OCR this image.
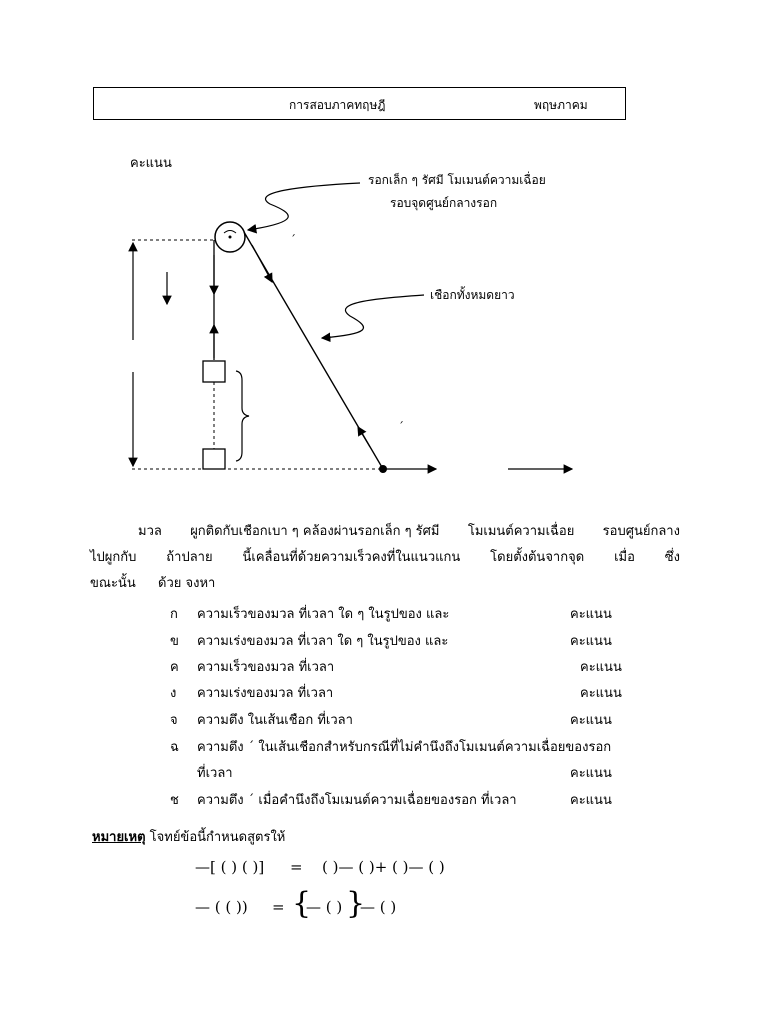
การสอบภาคทฤษฎี	พฤษภาคม
คะแนน
รอกเล็ก ๆ รัศมี โมเมนต์ความเฉื่อย
รอบจุดศูนย์กลางรอก
´
´
เชือกทั้งหมดยาว
มวล ผูกติดกับเชือกเบา ๆ คล้องผ่านรอกเล็ก ๆ รัศมี โมเมนต์ความเฉื่อย รอบศูนย์กลาง
ไปผูกกับ ถ้าปลาย นี้เคลื่อนที่ด้วยความเร็วคงที่ในแนวแกน โดยตั้งต้นจากจุด เมื่อ ซึ่ง
ขณะนั้น ด้วย จงหา
ก ความเร็วของมวล ที่เวลา ใด ๆ ในรูปของ และ	คะแนน
ข ความเร่งของมวล ที่เวลา ใด ๆ ในรูปของ และ	คะแนน
ค ความเร็วของมวล ที่เวลา	คะแนน
ง ความเร่งของมวล ที่เวลา	คะแนน
จ ความตึง ในเส้นเชือก ที่เวลา	คะแนน
ฉ ความตึง ´ ในเส้นเชือกสำหรับกรณีที่ไม่คำนึงถึงโมเมนต์ความเฉื่อยของรอก
ที่เวลา	คะแนน
ช ความตึง ´ เมื่อคำนึงถึงโมเมนต์ความเฉื่อยของรอก ที่เวลา	คะแนน
หมายเหตุ โจทย์ข้อนี้กำหนดสูตรให้
—[ ( ) ( )] = ( )— ( )+ ( )— ( )
— ( ( )) = {
— ( ) }
— ( )
